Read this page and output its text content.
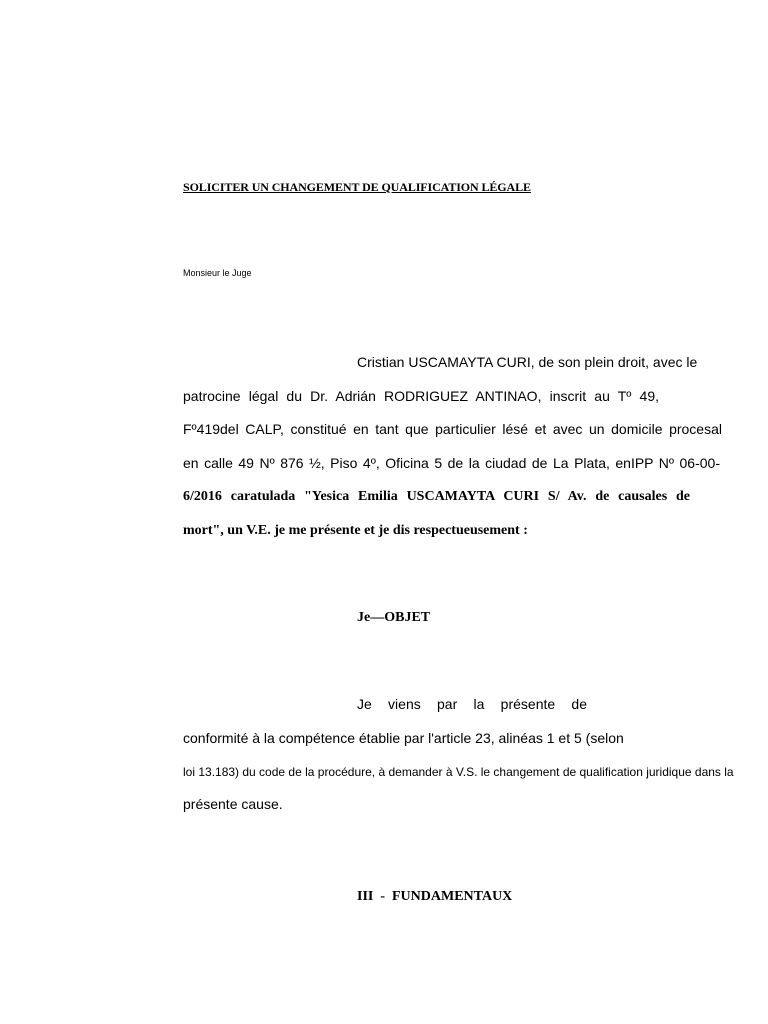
SOLICITER UN CHANGEMENT DE QUALIFICATION LÉGALE
Monsieur le Juge
Cristian USCAMAYTA CURI, de son plein droit, avec le
patrocine légal du Dr. Adrián RODRIGUEZ ANTINAO, inscrit au Tº 49,
Fº419del CALP, constitué en tant que particulier lésé et avec un domicile procesal
en calle 49 Nº 876 ½, Piso 4º, Oficina 5 de la ciudad de La Plata, enIPP Nº 06-00-
6/2016 caratulada "Yesica Emilia USCAMAYTA CURI S/ Av. de causales de
mort", un V.E. je me présente et je dis respectueusement :
Je—OBJET
Je viens par la présente de
conformité à la compétence établie par l'article 23, alinéas 1 et 5 (selon
loi 13.183) du code de la procédure, à demander à V.S. le changement de qualification juridique dans la
présente cause.
III  -  FUNDAMENTAUX
